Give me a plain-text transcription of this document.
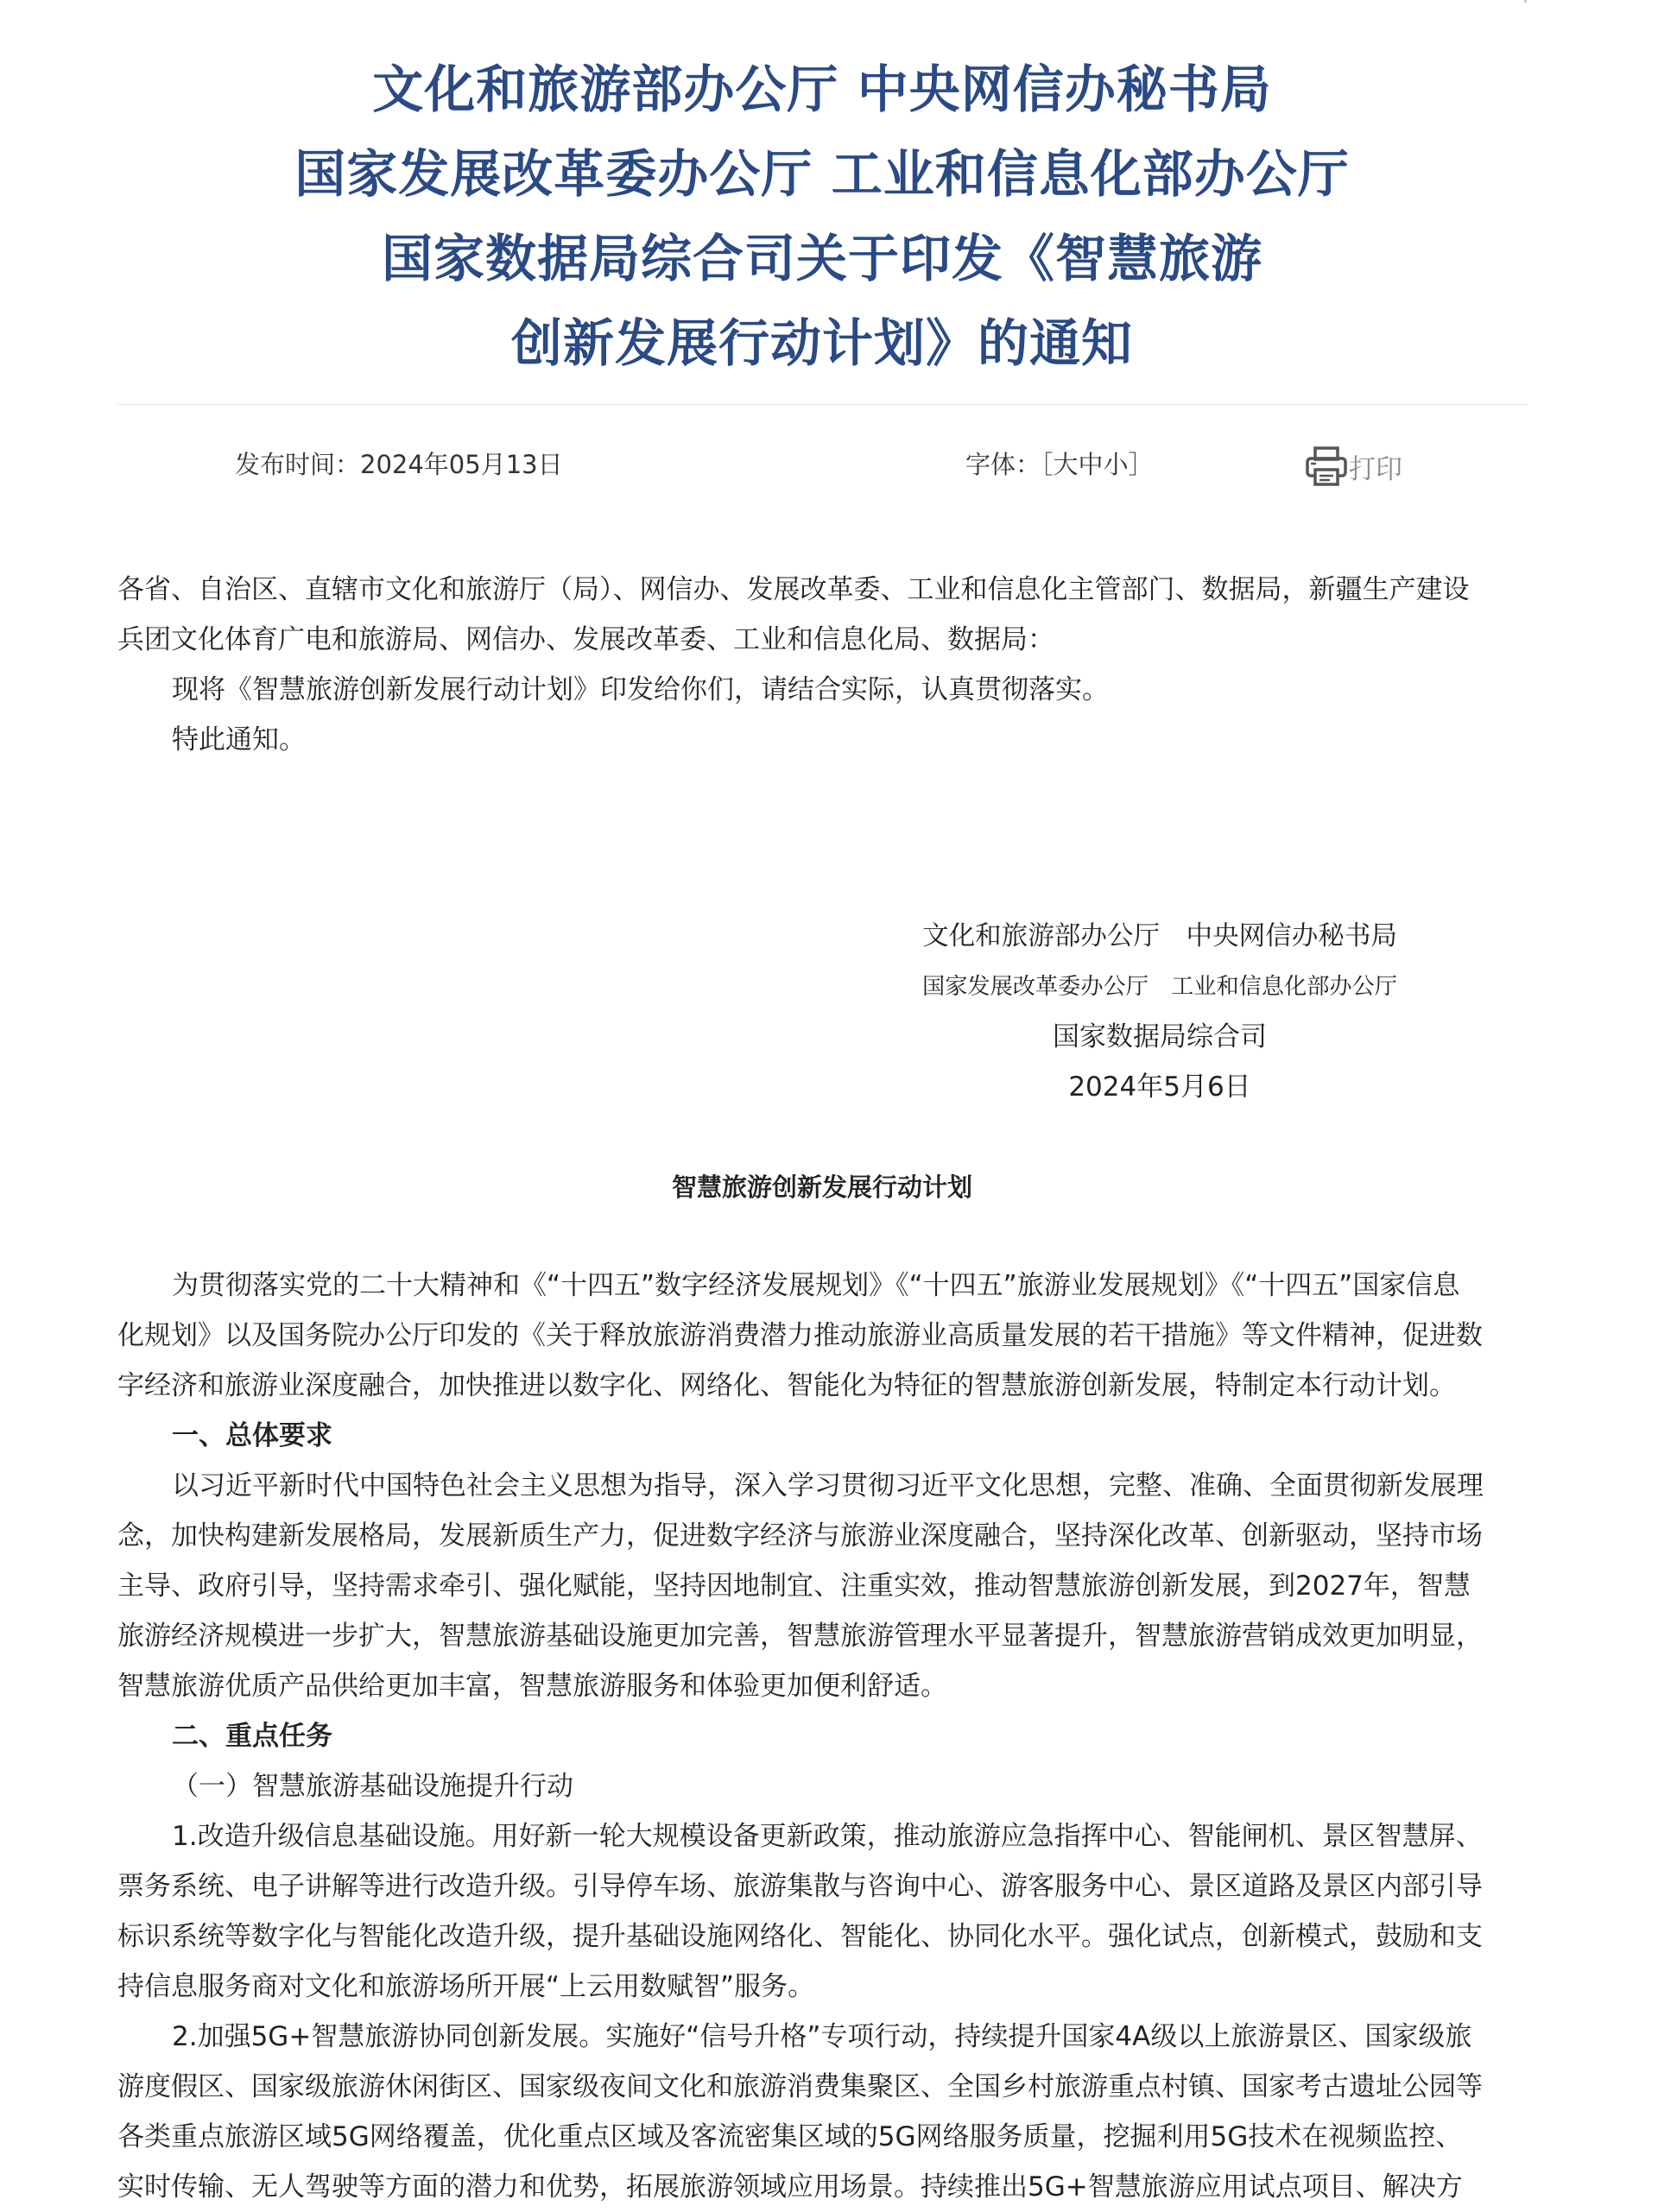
文化和旅游部办公厅 中央网信办秘书局
国家发展改革委办公厅 工业和信息化部办公厅
国家数据局综合司关于印发《智慧旅游
创新发展行动计划》的通知
发布时间：2024年05月13日	字体：［大中小］	打印

各省、自治区、直辖市文化和旅游厅（局）、网信办、发展改革委、工业和信息化主管部门、数据局，新疆生产建设

兵团文化体育广电和旅游局、网信办、发展改革委、工业和信息化局、数据局：

现将《智慧旅游创新发展行动计划》印发给你们，请结合实际，认真贯彻落实。

特此通知。

文化和旅游部办公厅　中央网信办秘书局

国家发展改革委办公厅　工业和信息化部办公厅

国家数据局综合司

2024年5月6日

智慧旅游创新发展行动计划

为贯彻落实党的二十大精神和《“十四五”数字经济发展规划》《“十四五”旅游业发展规划》《“十四五”国家信息

化规划》以及国务院办公厅印发的《关于释放旅游消费潜力推动旅游业高质量发展的若干措施》等文件精神，促进数

字经济和旅游业深度融合，加快推进以数字化、网络化、智能化为特征的智慧旅游创新发展，特制定本行动计划。

一、总体要求

以习近平新时代中国特色社会主义思想为指导，深入学习贯彻习近平文化思想，完整、准确、全面贯彻新发展理

念，加快构建新发展格局，发展新质生产力，促进数字经济与旅游业深度融合，坚持深化改革、创新驱动，坚持市场

主导、政府引导，坚持需求牵引、强化赋能，坚持因地制宜、注重实效，推动智慧旅游创新发展，到2027年，智慧

旅游经济规模进一步扩大，智慧旅游基础设施更加完善，智慧旅游管理水平显著提升，智慧旅游营销成效更加明显，

智慧旅游优质产品供给更加丰富，智慧旅游服务和体验更加便利舒适。

二、重点任务

（一）智慧旅游基础设施提升行动

1.改造升级信息基础设施。用好新一轮大规模设备更新政策，推动旅游应急指挥中心、智能闸机、景区智慧屏、

票务系统、电子讲解等进行改造升级。引导停车场、旅游集散与咨询中心、游客服务中心、景区道路及景区内部引导

标识系统等数字化与智能化改造升级，提升基础设施网络化、智能化、协同化水平。强化试点，创新模式，鼓励和支

持信息服务商对文化和旅游场所开展“上云用数赋智”服务。

2.加强5G+智慧旅游协同创新发展。实施好“信号升格”专项行动，持续提升国家4A级以上旅游景区、国家级旅

游度假区、国家级旅游休闲街区、国家级夜间文化和旅游消费集聚区、全国乡村旅游重点村镇、国家考古遗址公园等

各类重点旅游区域5G网络覆盖，优化重点区域及客流密集区域的5G网络服务质量，挖掘利用5G技术在视频监控、

实时传输、无人驾驶等方面的潜力和优势，拓展旅游领域应用场景。持续推出5G+智慧旅游应用试点项目、解决方
